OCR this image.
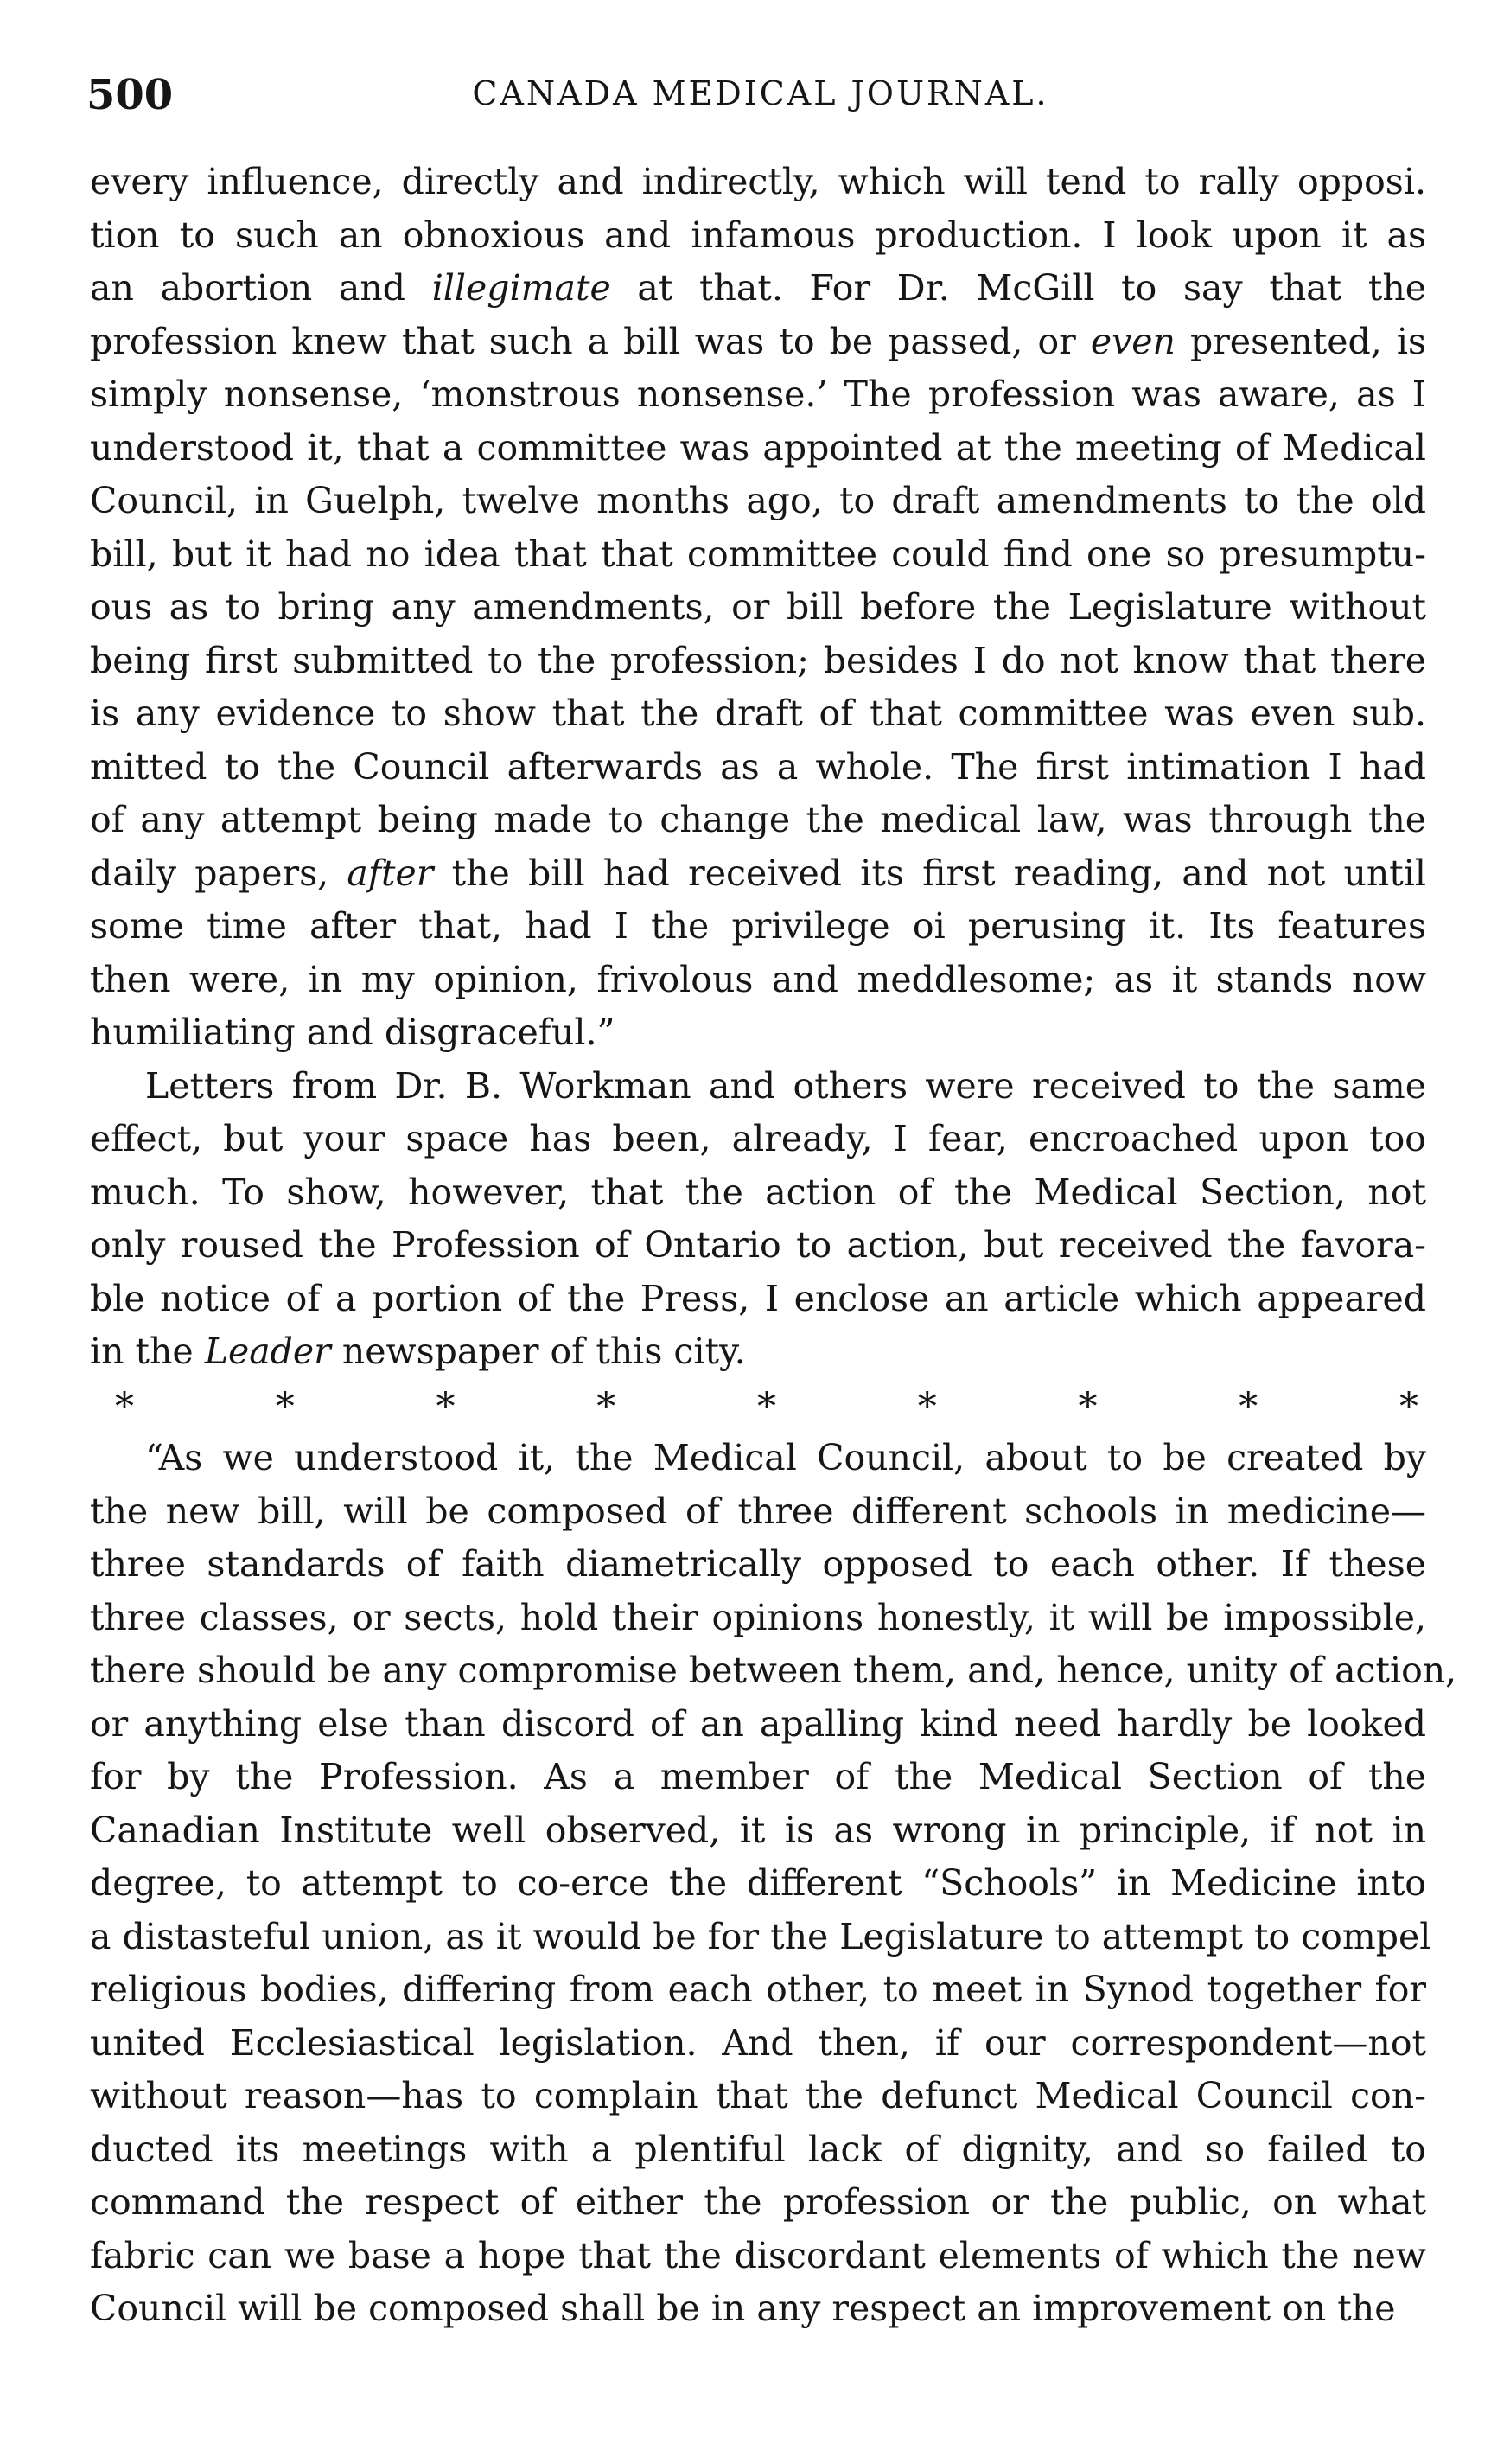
500	CANADA MEDICAL JOURNAL.
every influence, directly and indirectly, which will tend to rally opposi.
tion to such an obnoxious and infamous production. I look upon it as
an abortion and illegimate at that. For Dr. McGill to say that the
profession knew that such a bill was to be passed, or even presented, is
simply nonsense, ‘monstrous nonsense.’ The profession was aware, as I
understood it, that a committee was appointed at the meeting of Medical
Council, in Guelph, twelve months ago, to draft amendments to the old
bill, but it had no idea that that committee could find one so presumptu-
ous as to bring any amendments, or bill before the Legislature without
being first submitted to the profession; besides I do not know that there
is any evidence to show that the draft of that committee was even sub.
mitted to the Council afterwards as a whole. The first intimation I had
of any attempt being made to change the medical law, was through the
daily papers, after the bill had received its first reading, and not until
some time after that, had I the privilege oi perusing it. Its features
then were, in my opinion, frivolous and meddlesome; as it stands now
humiliating and disgraceful.”
Letters from Dr. B. Workman and others were received to the same
effect, but your space has been, already, I fear, encroached upon too
much. To show, however, that the action of the Medical Section, not
only roused the Profession of Ontario to action, but received the favora-
ble notice of a portion of the Press, I enclose an article which appeared
in the Leader newspaper of this city.
*	*	*	*	*	*	*	*	*
“As we understood it, the Medical Council, about to be created by
the new bill, will be composed of three different schools in medicine—
three standards of faith diametrically opposed to each other. If these
three classes, or sects, hold their opinions honestly, it will be impossible,
there should be any compromise between them, and, hence, unity of action,
or anything else than discord of an apalling kind need hardly be looked
for by the Profession. As a member of the Medical Section of the
Canadian Institute well observed, it is as wrong in principle, if not in
degree, to attempt to co-erce the different “Schools” in Medicine into
a distasteful union, as it would be for the Legislature to attempt to compel
religious bodies, differing from each other, to meet in Synod together for
united Ecclesiastical legislation. And then, if our correspondent—not
without reason—has to complain that the defunct Medical Council con-
ducted its meetings with a plentiful lack of dignity, and so failed to
command the respect of either the profession or the public, on what
fabric can we base a hope that the discordant elements of which the new
Council will be composed shall be in any respect an improvement on the
